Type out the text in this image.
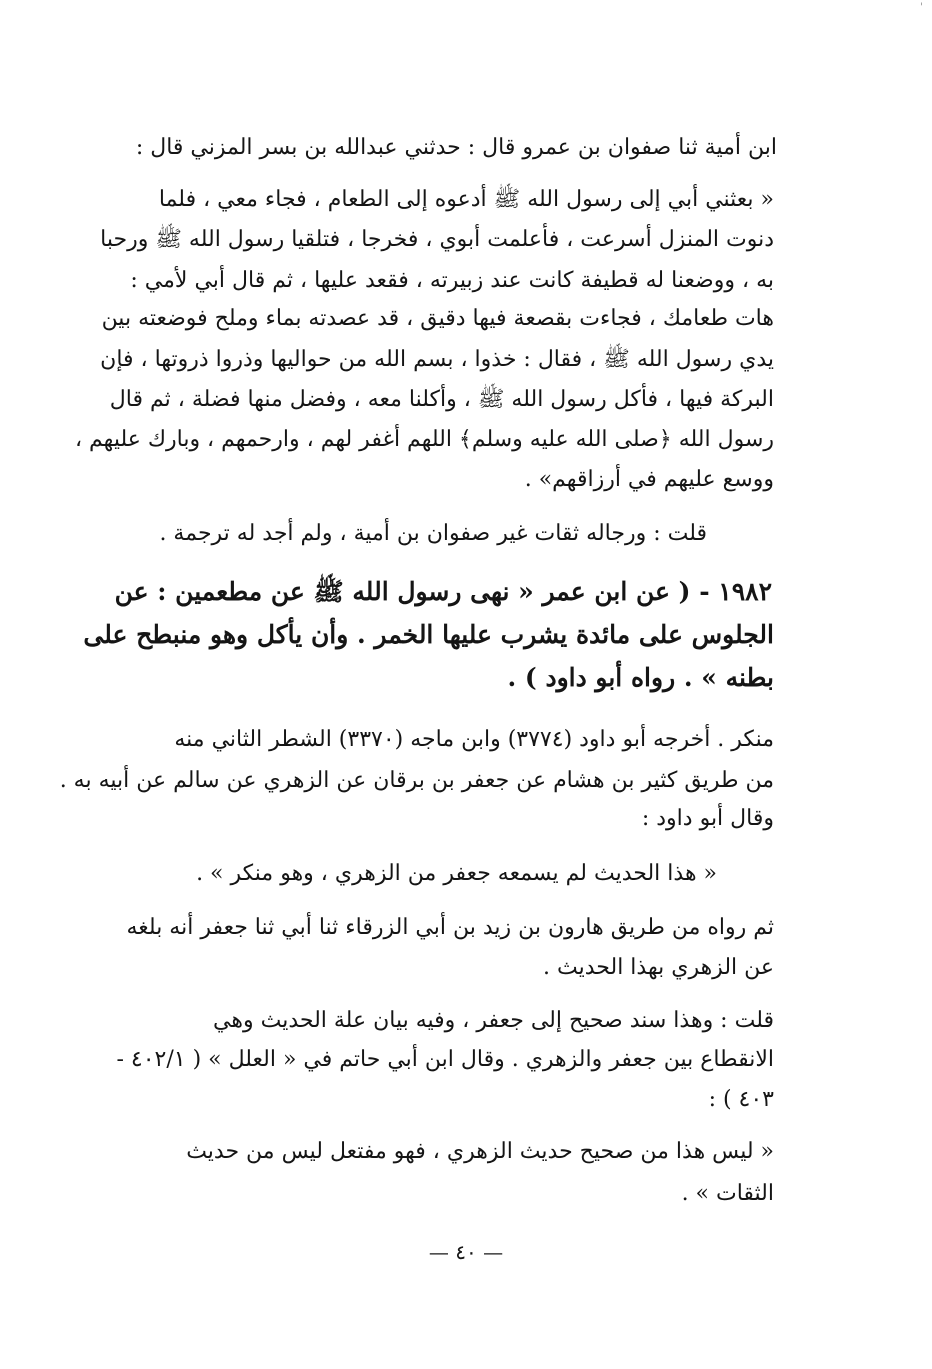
'
ابن أمية ثنا صفوان بن عمرو قال : حدثني عبدالله بن بسر المزني قال :
« بعثني أبي إلى رسول الله ﷺ أدعوه إلى الطعام ، فجاء معي ، فلما
دنوت المنزل أسرعت ، فأعلمت أبوي ، فخرجا ، فتلقيا رسول الله ﷺ ورحبا
به ، ووضعنا له قطيفة كانت عند زبيرته ، فقعد عليها ، ثم قال أبي لأمي :
هات طعامك ، فجاءت بقصعة فيها دقيق ، قد عصدته بماء وملح فوضعته بين
يدي رسول الله ﷺ ، فقال : خذوا ، بسم الله من حواليها وذروا ذروتها ، فإن
البركة فيها ، فأكل رسول الله ﷺ ، وأكلنا معه ، وفضل منها فضلة ، ثم قال
رسول الله ﴿صلى الله عليه وسلم﴾ اللهم أغفر لهم ، وارحمهم ، وبارك عليهم ،
ووسع عليهم في أرزاقهم» .
قلت : ورجاله ثقات غير صفوان بن أمية ، ولم أجد له ترجمة .
١٩٨٢ - ( عن ابن عمر « نهى رسول الله ﷺ عن مطعمين : عن
الجلوس على مائدة يشرب عليها الخمر . وأن يأكل وهو منبطح على
بطنه » . رواه أبو داود ) .
منكر . أخرجه أبو داود (٣٧٧٤) وابن ماجه (٣٣٧٠) الشطر الثاني منه
من طريق كثير بن هشام عن جعفر بن برقان عن الزهري عن سالم عن أبيه به .
وقال أبو داود :
« هذا الحديث لم يسمعه جعفر من الزهري ، وهو منكر » .
ثم رواه من طريق هارون بن زيد بن أبي الزرقاء ثنا أبي ثنا جعفر أنه بلغه
عن الزهري بهذا الحديث .
قلت : وهذا سند صحيح إلى جعفر ، وفيه بيان علة الحديث وهي
الانقطاع بين جعفر والزهري . وقال ابن أبي حاتم في « العلل » ( ٤٠٢/١ -
٤٠٣ ) :
« ليس هذا من صحيح حديث الزهري ، فهو مفتعل ليس من حديث
الثقات » .
— ٤٠ —
